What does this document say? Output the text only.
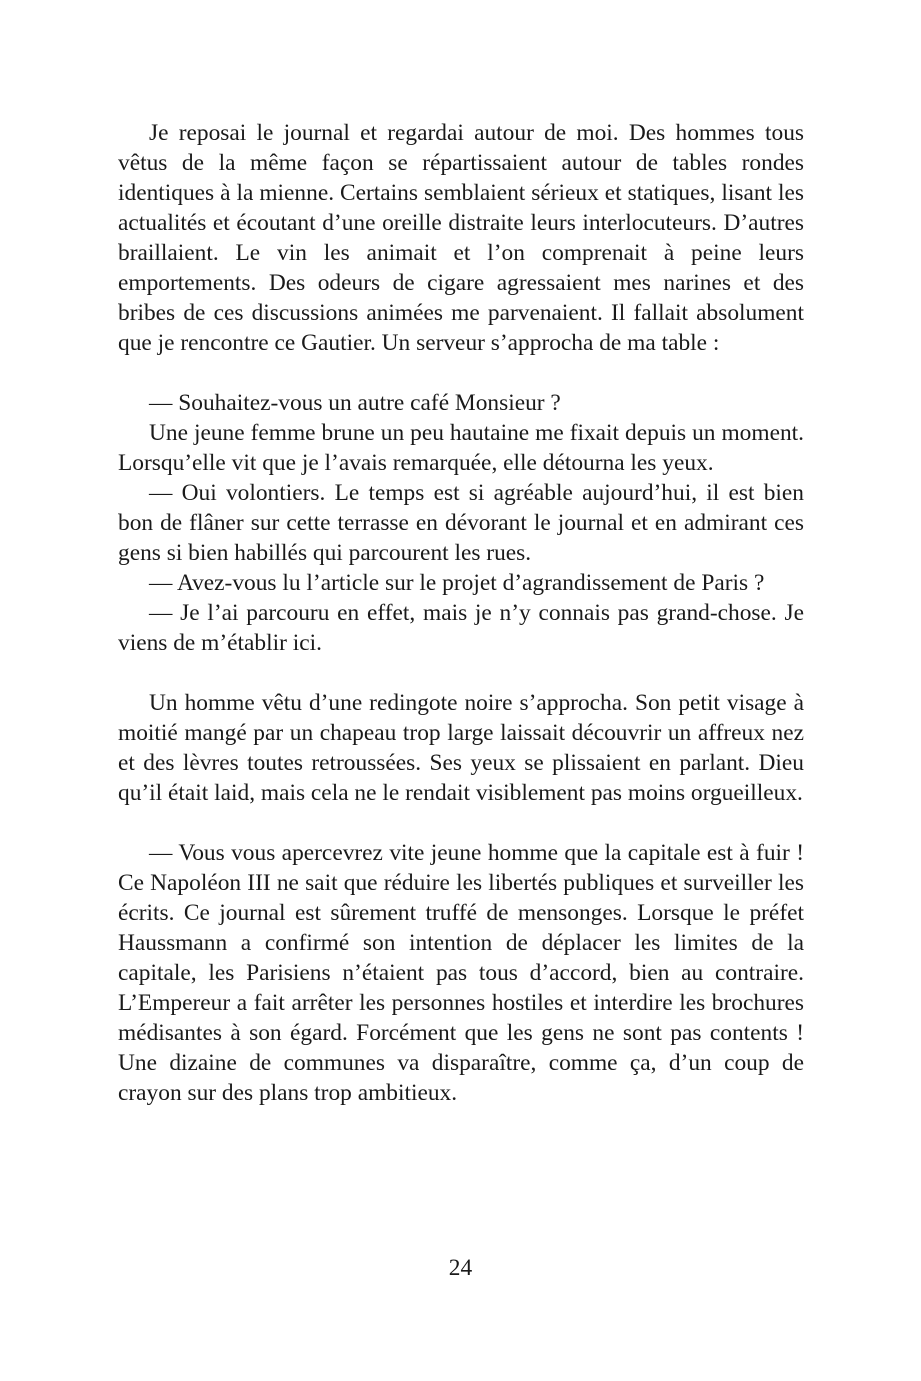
Je reposai le journal et regardai autour de moi. Des hommes tous vêtus de la même façon se répartissaient autour de tables rondes identiques à la mienne. Certains semblaient sérieux et statiques, lisant les actualités et écoutant d’une oreille distraite leurs interlocuteurs. D’autres braillaient. Le vin les animait et l’on comprenait à peine leurs emportements. Des odeurs de cigare agressaient mes narines et des bribes de ces discussions animées me parvenaient. Il fallait absolument que je rencontre ce Gautier. Un serveur s’approcha de ma table :

— Souhaitez-vous un autre café Monsieur ?

Une jeune femme brune un peu hautaine me fixait depuis un moment. Lorsqu’elle vit que je l’avais remarquée, elle détourna les yeux.

— Oui volontiers. Le temps est si agréable aujourd’hui, il est bien bon de flâner sur cette terrasse en dévorant le journal et en admirant ces gens si bien habillés qui parcourent les rues.

— Avez-vous lu l’article sur le projet d’agrandissement de Paris ?

— Je l’ai parcouru en effet, mais je n’y connais pas grand-chose. Je viens de m’établir ici.

Un homme vêtu d’une redingote noire s’approcha. Son petit visage à moitié mangé par un chapeau trop large laissait découvrir un affreux nez et des lèvres toutes retroussées. Ses yeux se plissaient en parlant. Dieu qu’il était laid, mais cela ne le rendait visiblement pas moins orgueilleux.

— Vous vous apercevrez vite jeune homme que la capitale est à fuir ! Ce Napoléon III ne sait que réduire les libertés publiques et surveiller les écrits. Ce journal est sûrement truffé de mensonges. Lorsque le préfet Haussmann a confirmé son intention de déplacer les limites de la capitale, les Parisiens n’étaient pas tous d’accord, bien au contraire. L’Empereur a fait arrêter les personnes hostiles et interdire les brochures médisantes à son égard. Forcément que les gens ne sont pas contents ! Une dizaine de communes va disparaître, comme ça, d’un coup de crayon sur des plans trop ambitieux.

24
